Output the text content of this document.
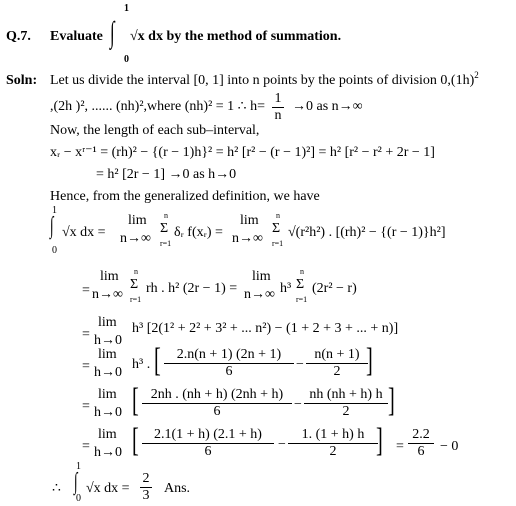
Q.7. Evaluate
1
∫
0
√x dx by the method of summation.
Soln: Let us divide the interval [0, 1] into n points by the points of division $0,(1h)^2$
,(2h )², ...... (nh)²,where (nh)² = 1 ∴ h=
1
n
→0 as n→∞
Now, the length of each sub–interval,
xᵣ − xʳ⁻¹ = (rh)² − {(r − 1)h}² = h² [r² − (r − 1)²] = h² [r² − r² + 2r − 1]
= h² [2r − 1] →0 as h→0
Hence, from the generalized definition, we have
1
∫
0
√x dx =
lim
n→∞
n
Σ
r=1
δᵣ f(xᵣ) =
lim
n→∞
n
Σ
r=1
√(r²h²) . [(rh)² − {(r − 1)}h²]
=
lim
n→∞
n
Σ
r=1
rh . h² (2r − 1) =
lim
n→∞ h³
n
Σ
r=1
(2r² − r)
=
lim
h→0
h³ [2(1² + 2² + 3² + ... n²) − (1 + 2 + 3 + ... + n)]
=
lim
h→0
h³ . [	2.n(n + 1) (2n + 1)
6	−
n(n + 1)
2 ]
=
lim
h→0 [ 2nh . (nh + h) (2nh + h)
6	−
nh (nh + h) h
2	]
=
lim
h→0 [	2.1(1 + h) (2.1 + h)
6	−
1. (1 + h) h
2	] =
2.2
6	− 0
∴
1
∫
0
√x dx =
2
3 Ans.
